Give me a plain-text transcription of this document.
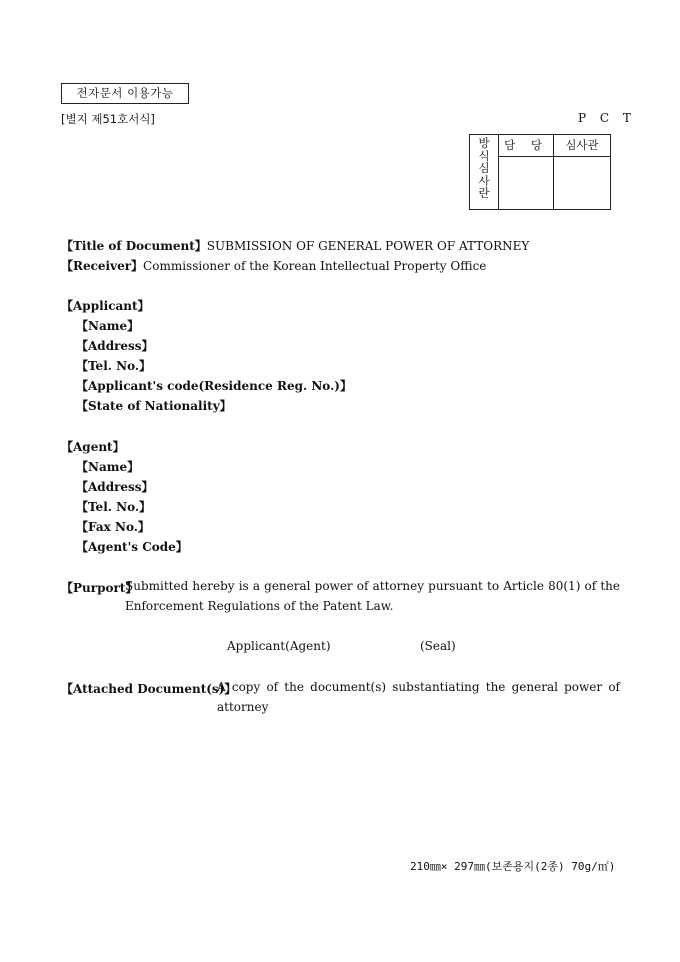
전자문서 이용가능
[별지 제51호서식]	P C T
방
식
심
사
란	담 당	심사관

【Title of Document】SUBMISSION OF GENERAL POWER OF ATTORNEY
【Receiver】Commissioner of the Korean Intellectual Property Office
【Applicant】
【Name】
【Address】
【Tel. No.】
【Applicant's code(Residence Reg. No.)】
【State of Nationality】
【Agent】
【Name】
【Address】
【Tel. No.】
【Fax No.】
【Agent's Code】
【Purport】
Submitted hereby is a general power of attorney pursuant to Article 80(1) of the
Enforcement Regulations of the Patent Law.
Applicant(Agent)	(Seal)
【Attached Document(s)】
A copy of the document(s) substantiating the general power of
attorney
210㎜× 297㎜(보존용지(2종) 70g/㎡)
